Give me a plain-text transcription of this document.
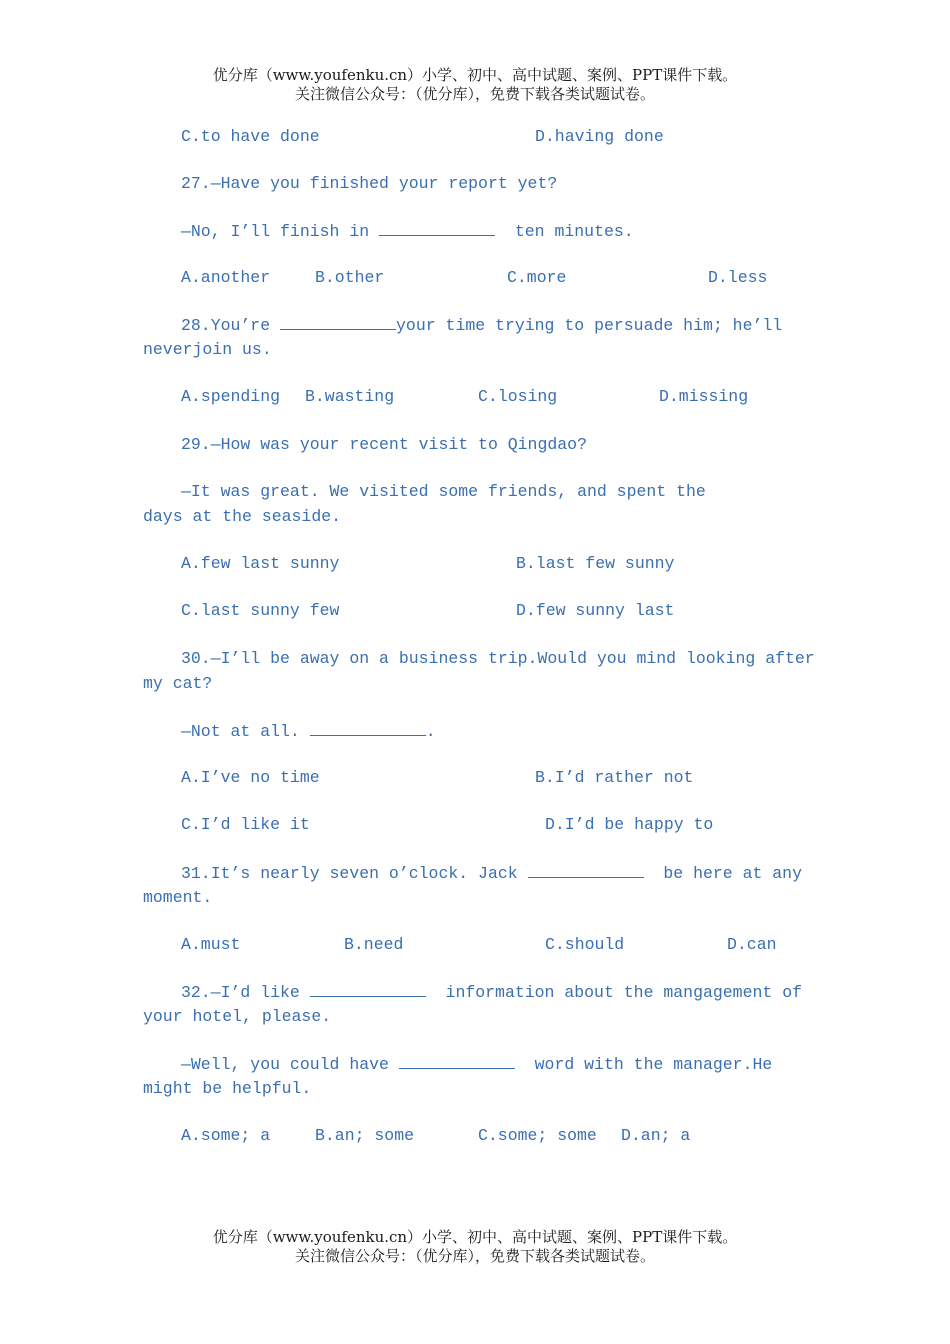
优分库（www.youfenku.cn）小学、初中、高中试题、案例、PPT课件下载。
关注微信公众号：（优分库），免费下载各类试题试卷。
C.to have done	D.having done
27.—Have you finished your report yet?
—No, I’ll finish in	ten minutes.
A.another	B.other	C.more	D.less
28.You’re	your time trying to persuade him; he’ll
neverjoin us.
A.spending B.wasting	C.losing	D.missing
29.—How was your recent visit to Qingdao?
—It was great. We visited some friends, and spent the
days at the seaside.
A.few last sunny	B.last few sunny
C.last sunny few	D.few sunny last
30.—I’ll be away on a business trip.Would you mind looking after
my cat?
—Not at all.	.
A.I’ve no time	B.I’d rather not
C.I’d like it	D.I’d be happy to
31.It’s nearly seven o’clock. Jack	be here at any
moment.
A.must	B.need	C.should	D.can
32.—I’d like	information about the mangagement of
your hotel, please.
—Well, you could have	word with the manager.He
might be helpful.
A.some; a	B.an; some	C.some; some D.an; a
优分库（www.youfenku.cn）小学、初中、高中试题、案例、PPT课件下载。
关注微信公众号：（优分库），免费下载各类试题试卷。
